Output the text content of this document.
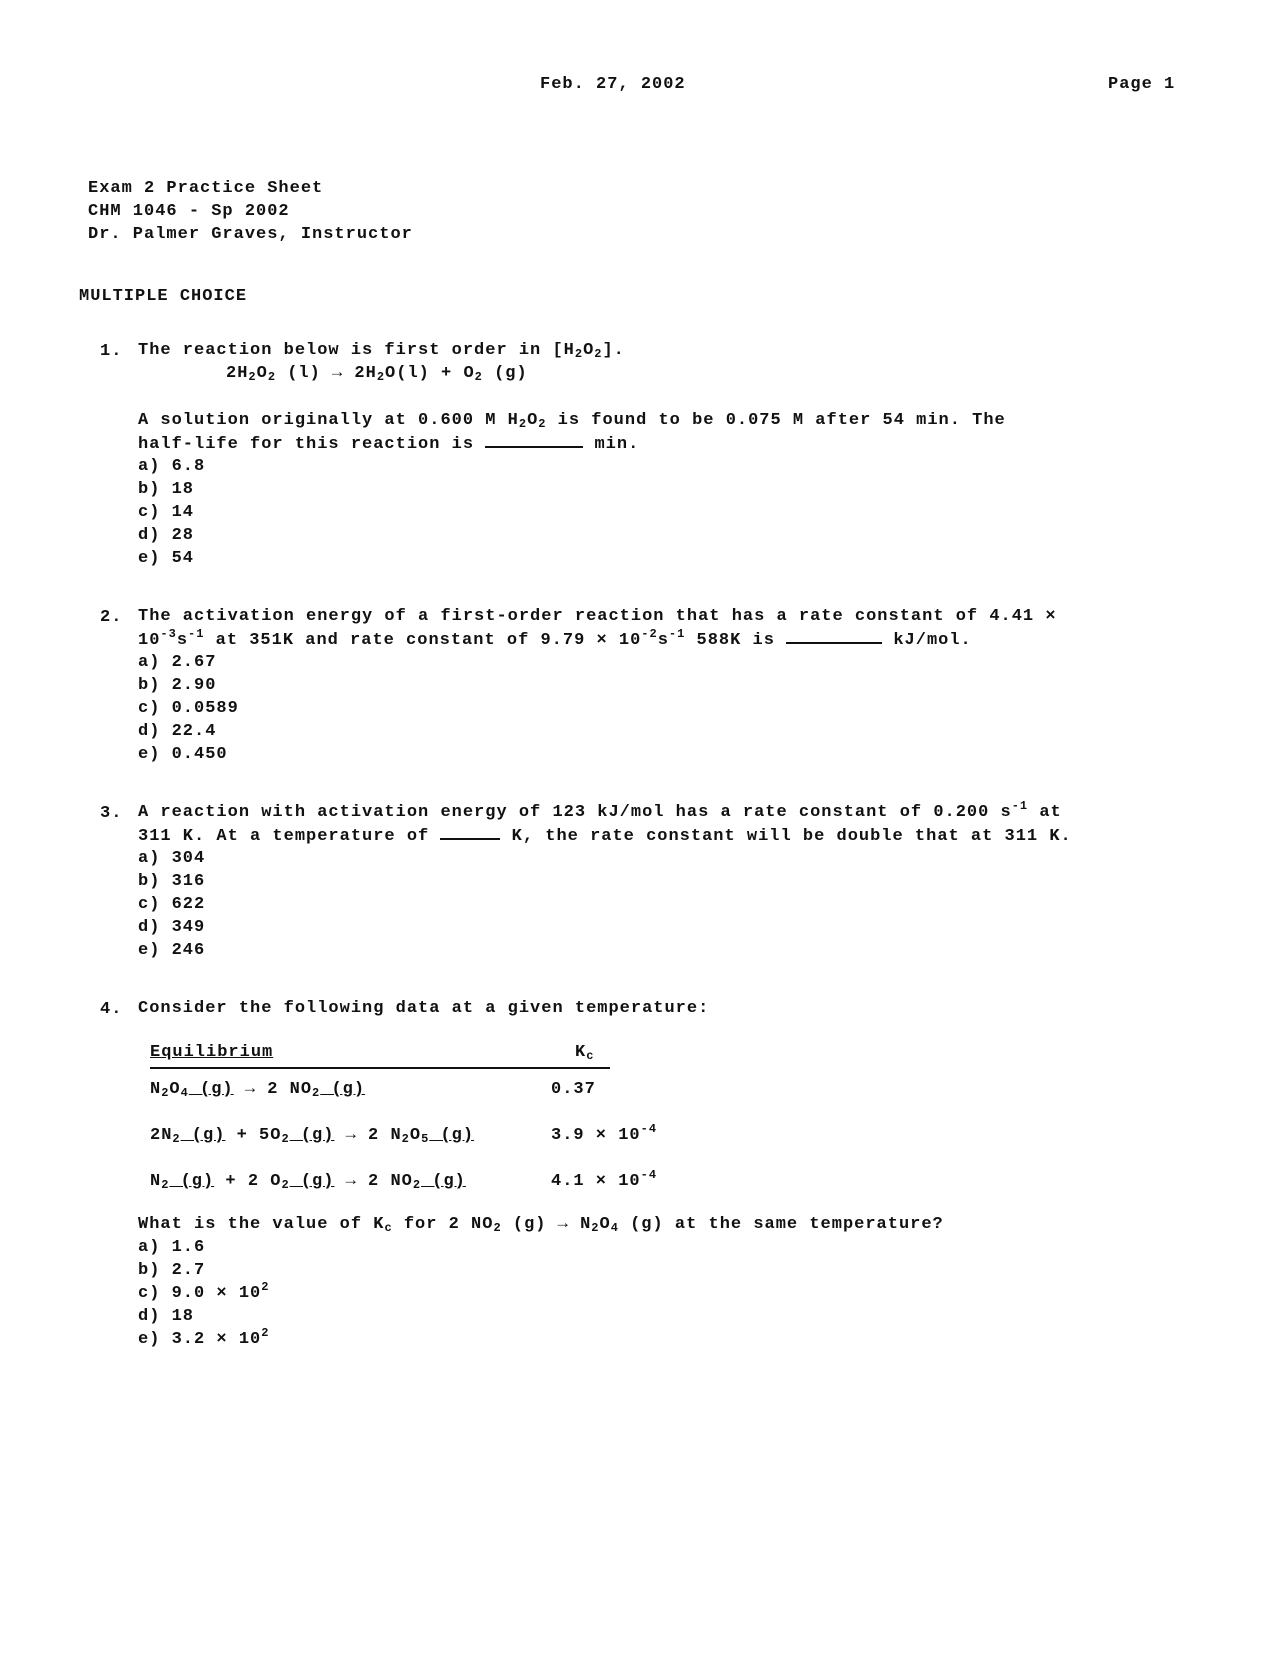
Feb. 27, 2002	Page 1
Exam 2 Practice Sheet
CHM 1046 - Sp 2002
Dr. Palmer Graves, Instructor
MULTIPLE CHOICE
1. The reaction below is first order in $[H_2O_2]$.
$2H_2O_2$ $(l) \to 2H_2O(l) + O_2$ (g)
A solution originally at 0.600 M $H_2O_2$ is found to be 0.075 M after 54 min. The
half-life for this reaction is	min.
a) 6.8
b) 18
c) 14
d) 28
e) 54
2. The activation energy of a first-order reaction that has a rate constant of 4.41 ×
$10^{-3}s^{-1}$ at 351K and rate constant of $9.79 \times 10^{-2}s^{-1}$ 588K is	kJ/mol.
a) 2.67
b) 2.90
c) 0.0589
d) 22.4
e) 0.450
3. A reaction with activation energy of 123 kJ/mol has a rate constant of 0.200 $s^{-1}$ at
311 K. At a temperature of	K, the rate constant will be double that at 311 K.
a) 304
b) 316
c) 622
d) 349
e) 246
4. Consider the following data at a given temperature:
Equilibrium	$K_c$
$N_2O_4$ (g) → 2 $NO_2$ (g)	0.37
$2N_2$ $(g) + 5O_2$ (g) → 2 $N_2O_5$ (g)	$3.9 \times 10^{-4}$
$N_2$ (g) + 2 $O_2$ (g) → 2 $NO_2$ (g)	$4.1 \times 10^{-4}$
What is the value of $K_c$ for 2 $NO_2$ $(g) \to N_2O_4$ (g) at the same temperature?
a) 1.6
b) 2.7
c) $9.0 \times 10^2$
d) 18
e) $3.2 \times 10^2$
